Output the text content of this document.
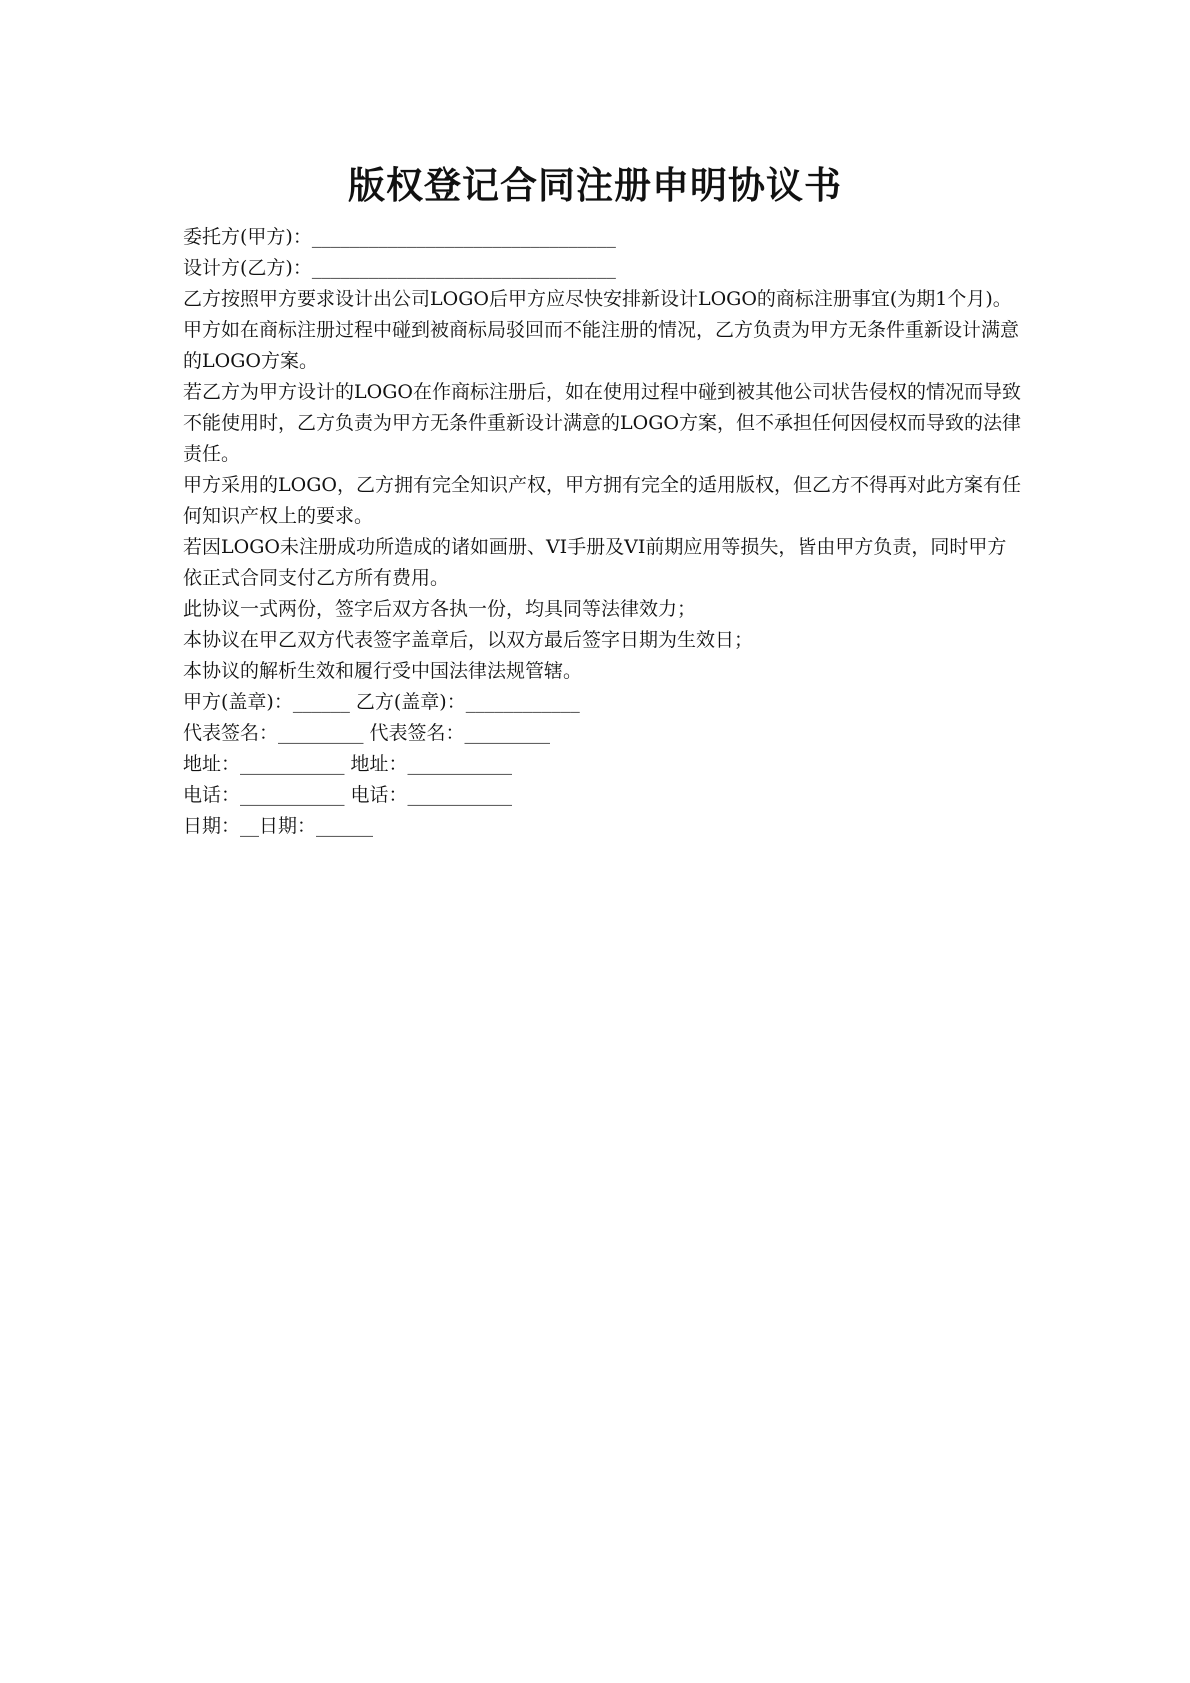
版权登记合同注册申明协议书

委托方(甲方)：________________________________

设计方(乙方)：________________________________

乙方按照甲方要求设计出公司LOGO后甲方应尽快安排新设计LOGO的商标注册事宜(为期1个月)。

甲方如在商标注册过程中碰到被商标局驳回而不能注册的情况，乙方负责为甲方无条件重新设计满意的LOGO方案。

若乙方为甲方设计的LOGO在作商标注册后，如在使用过程中碰到被其他公司状告侵权的情况而导致不能使用时，乙方负责为甲方无条件重新设计满意的LOGO方案，但不承担任何因侵权而导致的法律责任。

甲方采用的LOGO，乙方拥有完全知识产权，甲方拥有完全的适用版权，但乙方不得再对此方案有任何知识产权上的要求。

若因LOGO未注册成功所造成的诸如画册、VI手册及VI前期应用等损失，皆由甲方负责，同时甲方依正式合同支付乙方所有费用。

此协议一式两份，签字后双方各执一份，均具同等法律效力；

本协议在甲乙双方代表签字盖章后，以双方最后签字日期为生效日；

本协议的解析生效和履行受中国法律法规管辖。

甲方(盖章)：______ 乙方(盖章)：____________

代表签名：_________ 代表签名：_________

地址：___________ 地址：___________

电话：___________ 电话：___________

日期：__日期：______
